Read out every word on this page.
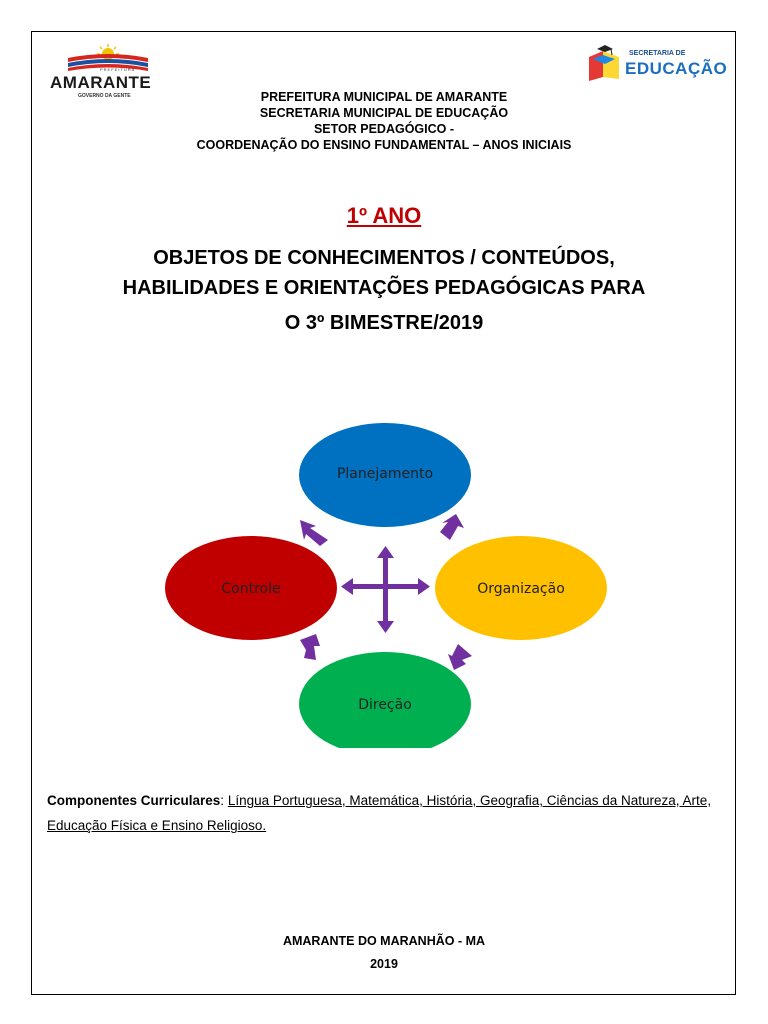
PREFEITURA
AMARANTE
GOVERNO DA GENTE
SECRETARIA DE
EDUCAÇÃO
PREFEITURA MUNICIPAL DE AMARANTE
SECRETARIA MUNICIPAL DE EDUCAÇÃO
SETOR PEDAGÓGICO -
COORDENAÇÃO DO ENSINO FUNDAMENTAL – ANOS INICIAIS
1º ANO
OBJETOS DE CONHECIMENTOS / CONTEÚDOS,
HABILIDADES E ORIENTAÇÕES PEDAGÓGICAS PARA
O 3º BIMESTRE/2019
Planejamento
Organização
Direção
Controle
Componentes Curriculares: Língua Portuguesa, Matemática, História, Geografia, Ciências da Natureza, Arte, Educação Física e Ensino Religioso.
AMARANTE DO MARANHÃO - MA
2019
